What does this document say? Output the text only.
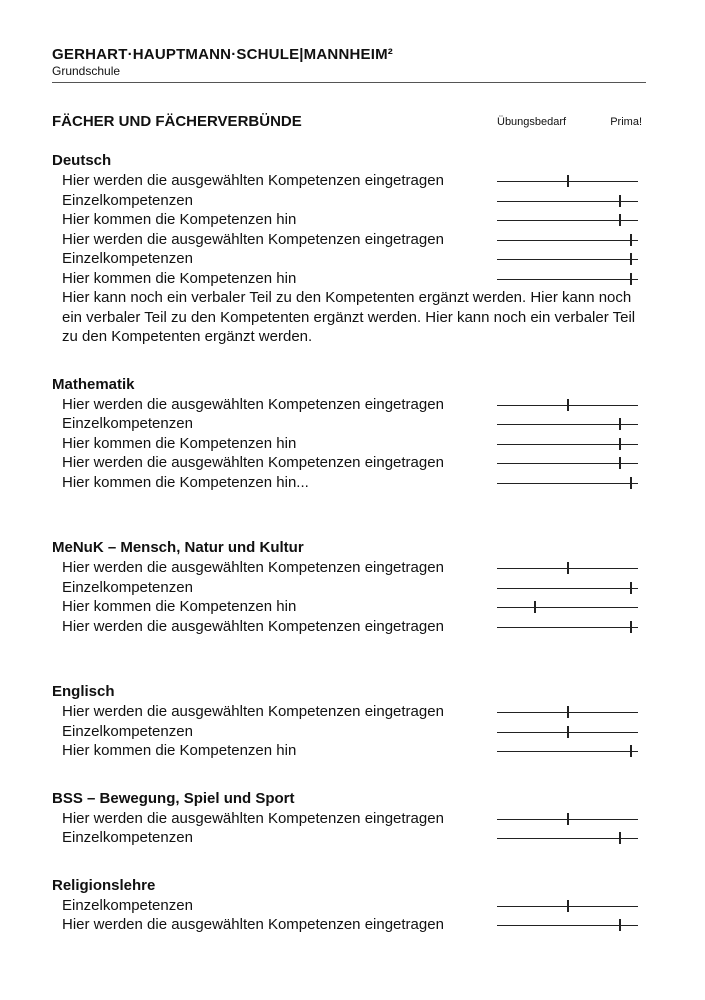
GERHART·HAUPTMANN·SCHULE|MANNHEIM²
Grundschule
FÄCHER UND FÄCHERVERBÜNDE	Übungsbedarf	Prima!
Deutsch
Hier werden die ausgewählten Kompetenzen eingetragen
Einzelkompetenzen
Hier kommen die Kompetenzen hin
Hier werden die ausgewählten Kompetenzen eingetragen
Einzelkompetenzen
Hier kommen die Kompetenzen hin
Hier kann noch ein verbaler Teil zu den Kompetenten ergänzt werden. Hier kann noch ein verbaler Teil zu den Kompetenten ergänzt werden. Hier kann noch ein verbaler Teil zu den Kompetenten ergänzt werden.
Mathematik
Hier werden die ausgewählten Kompetenzen eingetragen
Einzelkompetenzen
Hier kommen die Kompetenzen hin
Hier werden die ausgewählten Kompetenzen eingetragen
Hier kommen die Kompetenzen hin...
MeNuK – Mensch, Natur und Kultur
Hier werden die ausgewählten Kompetenzen eingetragen
Einzelkompetenzen
Hier kommen die Kompetenzen hin
Hier werden die ausgewählten Kompetenzen eingetragen
Englisch
Hier werden die ausgewählten Kompetenzen eingetragen
Einzelkompetenzen
Hier kommen die Kompetenzen hin
BSS – Bewegung, Spiel und Sport
Hier werden die ausgewählten Kompetenzen eingetragen
Einzelkompetenzen
Religionslehre
Einzelkompetenzen
Hier werden die ausgewählten Kompetenzen eingetragen
